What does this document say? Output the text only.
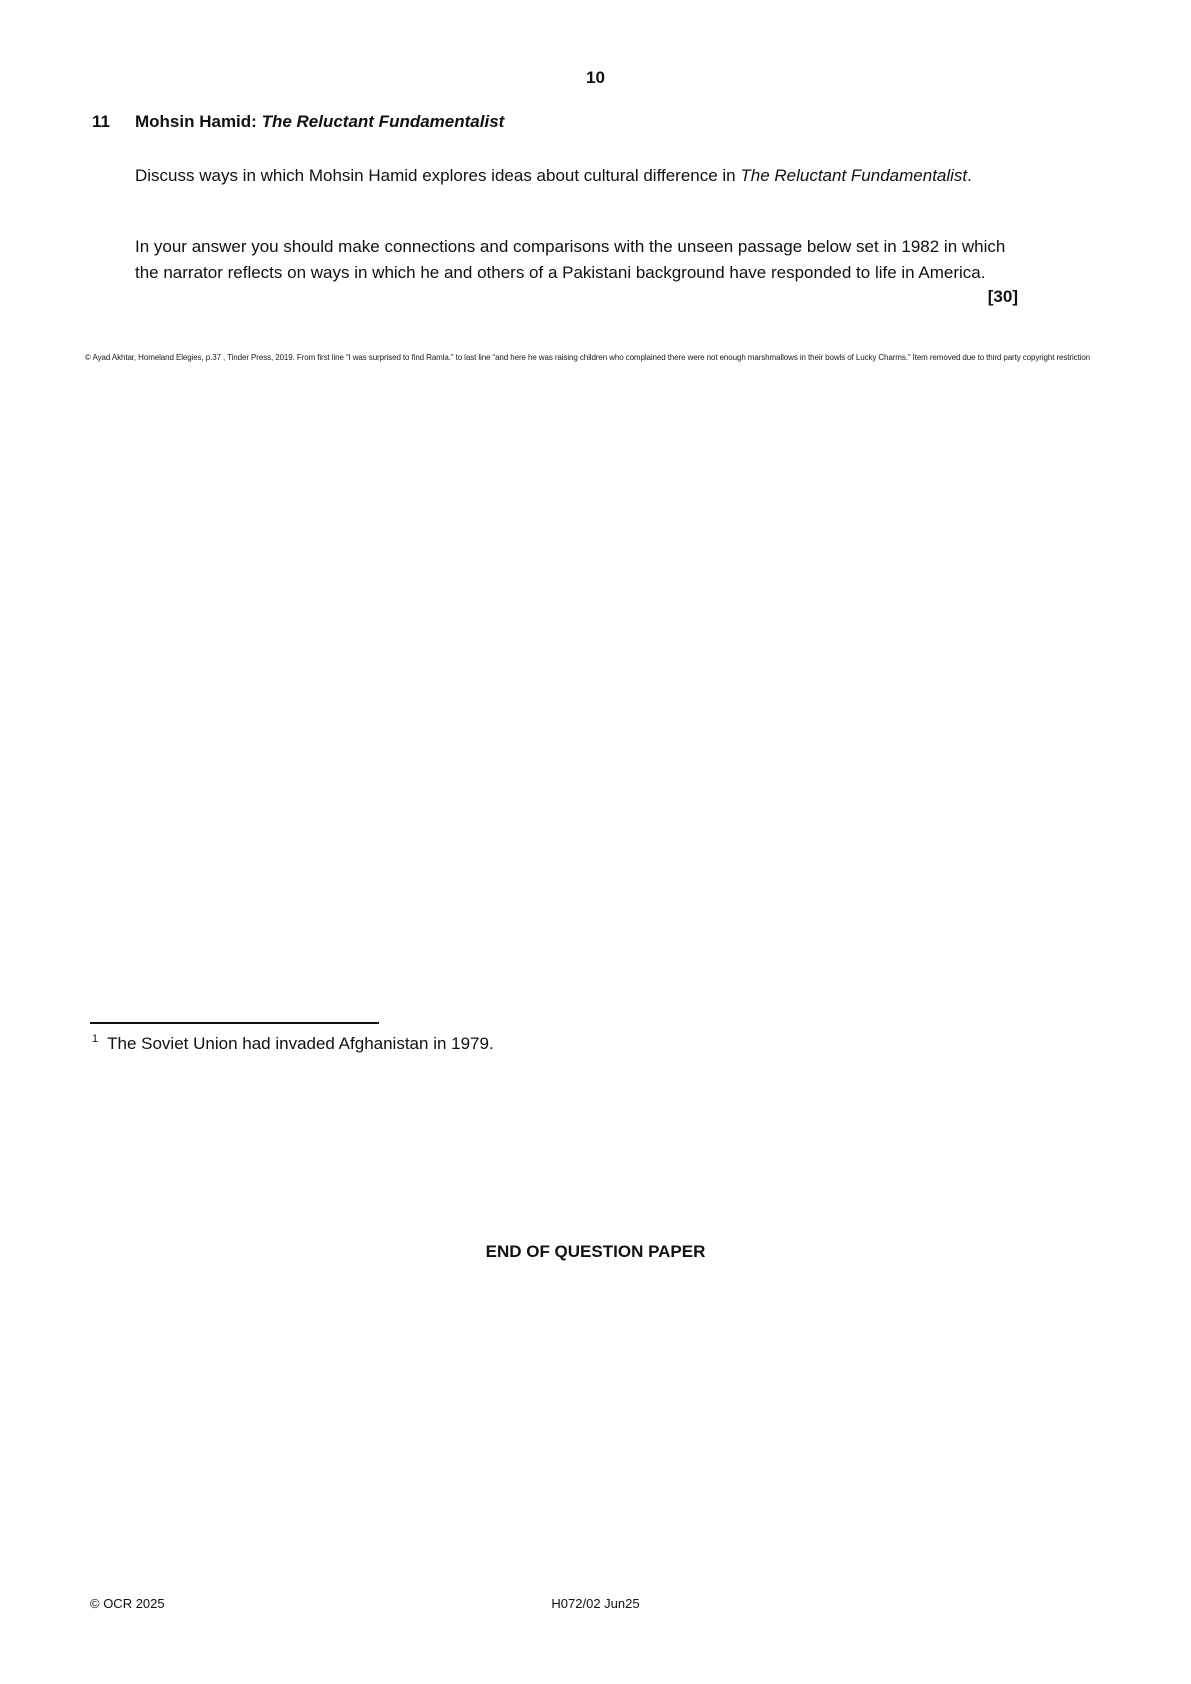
10
11 Mohsin Hamid: The Reluctant Fundamentalist
Discuss ways in which Mohsin Hamid explores ideas about cultural difference in The Reluctant Fundamentalist.
In your answer you should make connections and comparisons with the unseen passage below set in 1982 in which the narrator reflects on ways in which he and others of a Pakistani background have responded to life in America.
[30]
© Ayad Akhtar, Homeland Elegies, p.37 , Tinder Press, 2019. From first line “I was surprised to find Ramla.” to last line “and here he was raising children who complained there were not enough marshmallows in their bowls of Lucky Charms.” Item removed due to third party copyright restriction
$^1$ The Soviet Union had invaded Afghanistan in 1979.
END OF QUESTION PAPER
© OCR 2025	H072/02 Jun25
